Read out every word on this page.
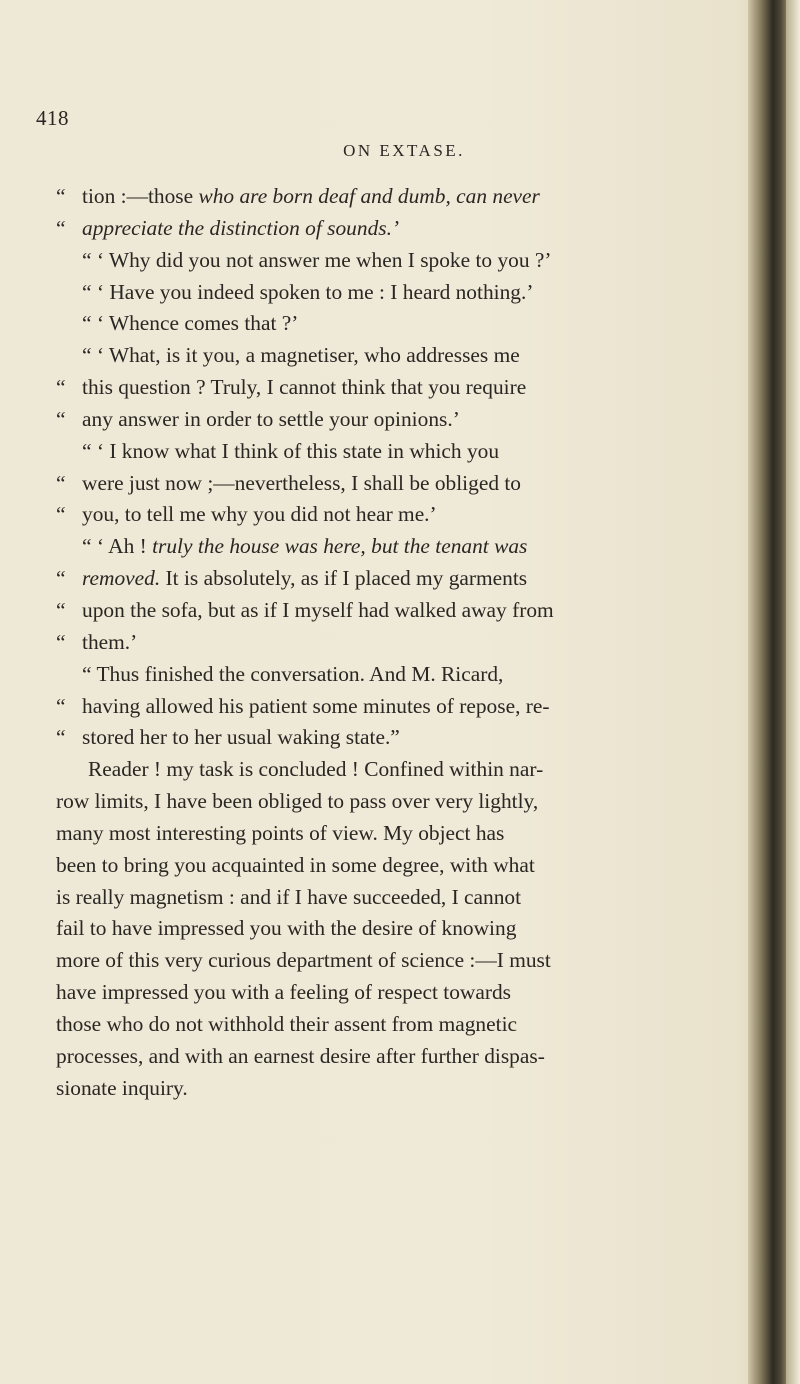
418
ON EXTASE.
“ tion :—those who are born deaf and dumb, can never
“ appreciate the distinction of sounds.’
“ ‘ Why did you not answer me when I spoke to you ?’
“ ‘ Have you indeed spoken to me : I heard nothing.’
“ ‘ Whence comes that ?’
“ ‘ What, is it you, a magnetiser, who addresses me
“ this question ? Truly, I cannot think that you require
“ any answer in order to settle your opinions.’
“ ‘ I know what I think of this state in which you
“ were just now ;—nevertheless, I shall be obliged to
“ you, to tell me why you did not hear me.’
“ ‘ Ah ! truly the house was here, but the tenant was
“ removed. It is absolutely, as if I placed my garments
“ upon the sofa, but as if I myself had walked away from
“ them.’
“ Thus finished the conversation. And M. Ricard,
“ having allowed his patient some minutes of repose, re-
“ stored her to her usual waking state.”
Reader ! my task is concluded ! Confined within nar-
row limits, I have been obliged to pass over very lightly,
many most interesting points of view. My object has
been to bring you acquainted in some degree, with what
is really magnetism : and if I have succeeded, I cannot
fail to have impressed you with the desire of knowing
more of this very curious department of science :—I must
have impressed you with a feeling of respect towards
those who do not withhold their assent from magnetic
processes, and with an earnest desire after further dispas-
sionate inquiry.
